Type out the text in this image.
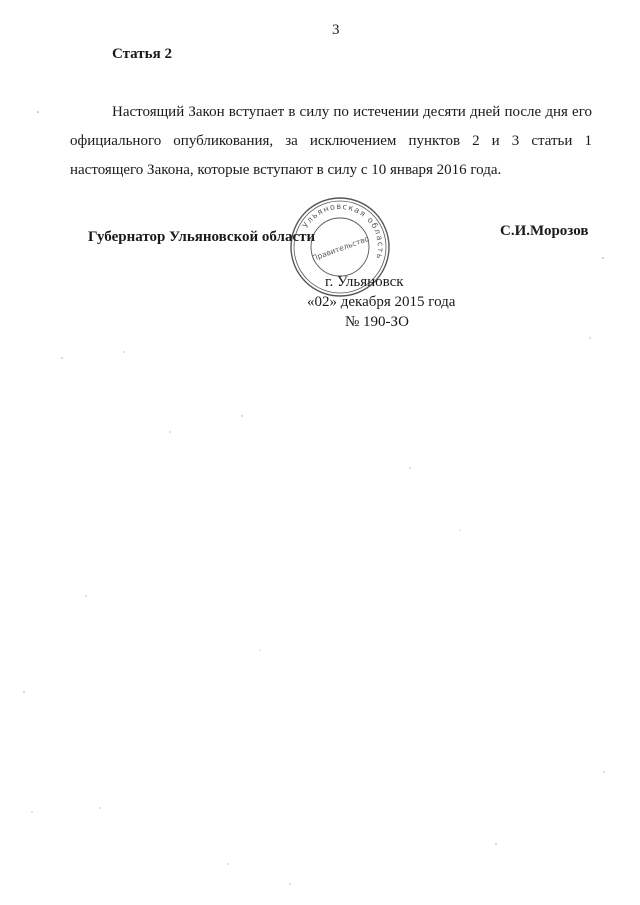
3
Статья 2
Настоящий Закон вступает в силу по истечении десяти дней после дня его официального опубликования, за исключением пунктов 2 и 3 статьи 1 настоящего Закона, которые вступают в силу с 10 января 2016 года.
Губернатор Ульяновской области	С.И.Морозов
Ульяновская область
Правительство
г. Ульяновск
«02» декабря 2015 года
№ 190-ЗО
